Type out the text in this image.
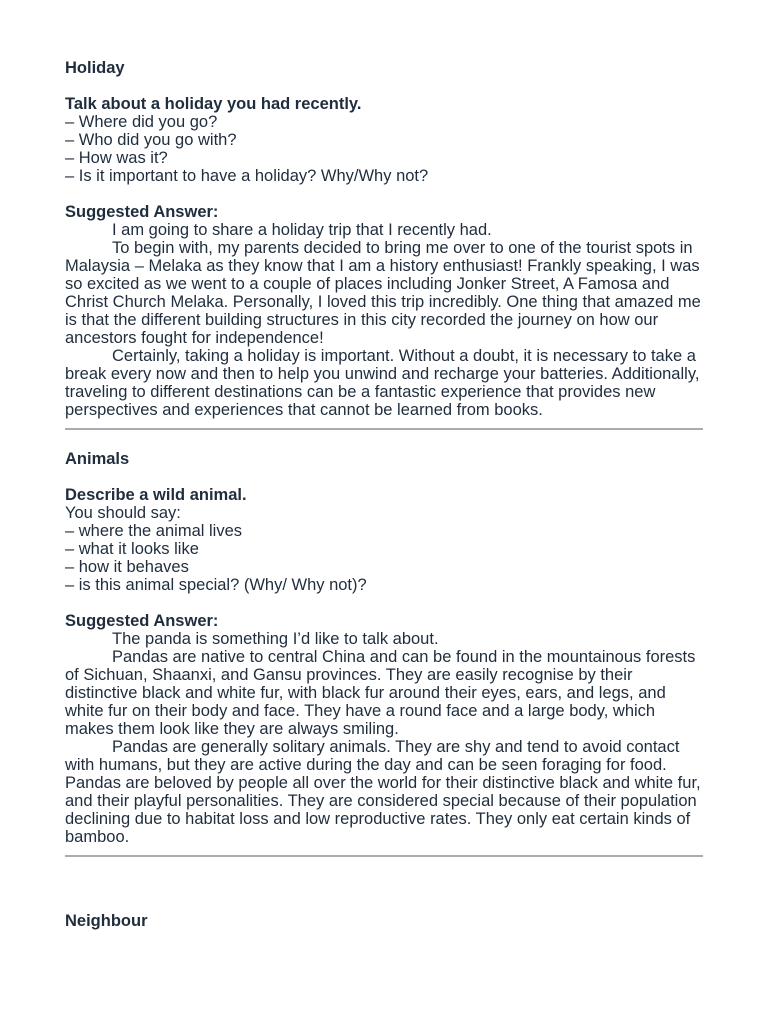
Holiday

Talk about a holiday you had recently.

– Where did you go?

– Who did you go with?

– How was it?

– Is it important to have a holiday? Why/Why not?

Suggested Answer:

I am going to share a holiday trip that I recently had.

To begin with, my parents decided to bring me over to one of the tourist spots in Malaysia – Melaka as they know that I am a history enthusiast! Frankly speaking, I was so excited as we went to a couple of places including Jonker Street, A Famosa and Christ Church Melaka. Personally, I loved this trip incredibly. One thing that amazed me is that the different building structures in this city recorded the journey on how our ancestors fought for independence!

Certainly, taking a holiday is important. Without a doubt, it is necessary to take a break every now and then to help you unwind and recharge your batteries. Additionally, traveling to different destinations can be a fantastic experience that provides new perspectives and experiences that cannot be learned from books.

Animals

Describe a wild animal.

You should say:

– where the animal lives

– what it looks like

– how it behaves

– is this animal special? (Why/ Why not)?

Suggested Answer:

The panda is something I’d like to talk about.

Pandas are native to central China and can be found in the mountainous forests of Sichuan, Shaanxi, and Gansu provinces. They are easily recognise by their distinctive black and white fur, with black fur around their eyes, ears, and legs, and white fur on their body and face. They have a round face and a large body, which makes them look like they are always smiling.

Pandas are generally solitary animals. They are shy and tend to avoid contact with humans, but they are active during the day and can be seen foraging for food. Pandas are beloved by people all over the world for their distinctive black and white fur, and their playful personalities. They are considered special because of their population declining due to habitat loss and low reproductive rates. They only eat certain kinds of bamboo.

Neighbour
